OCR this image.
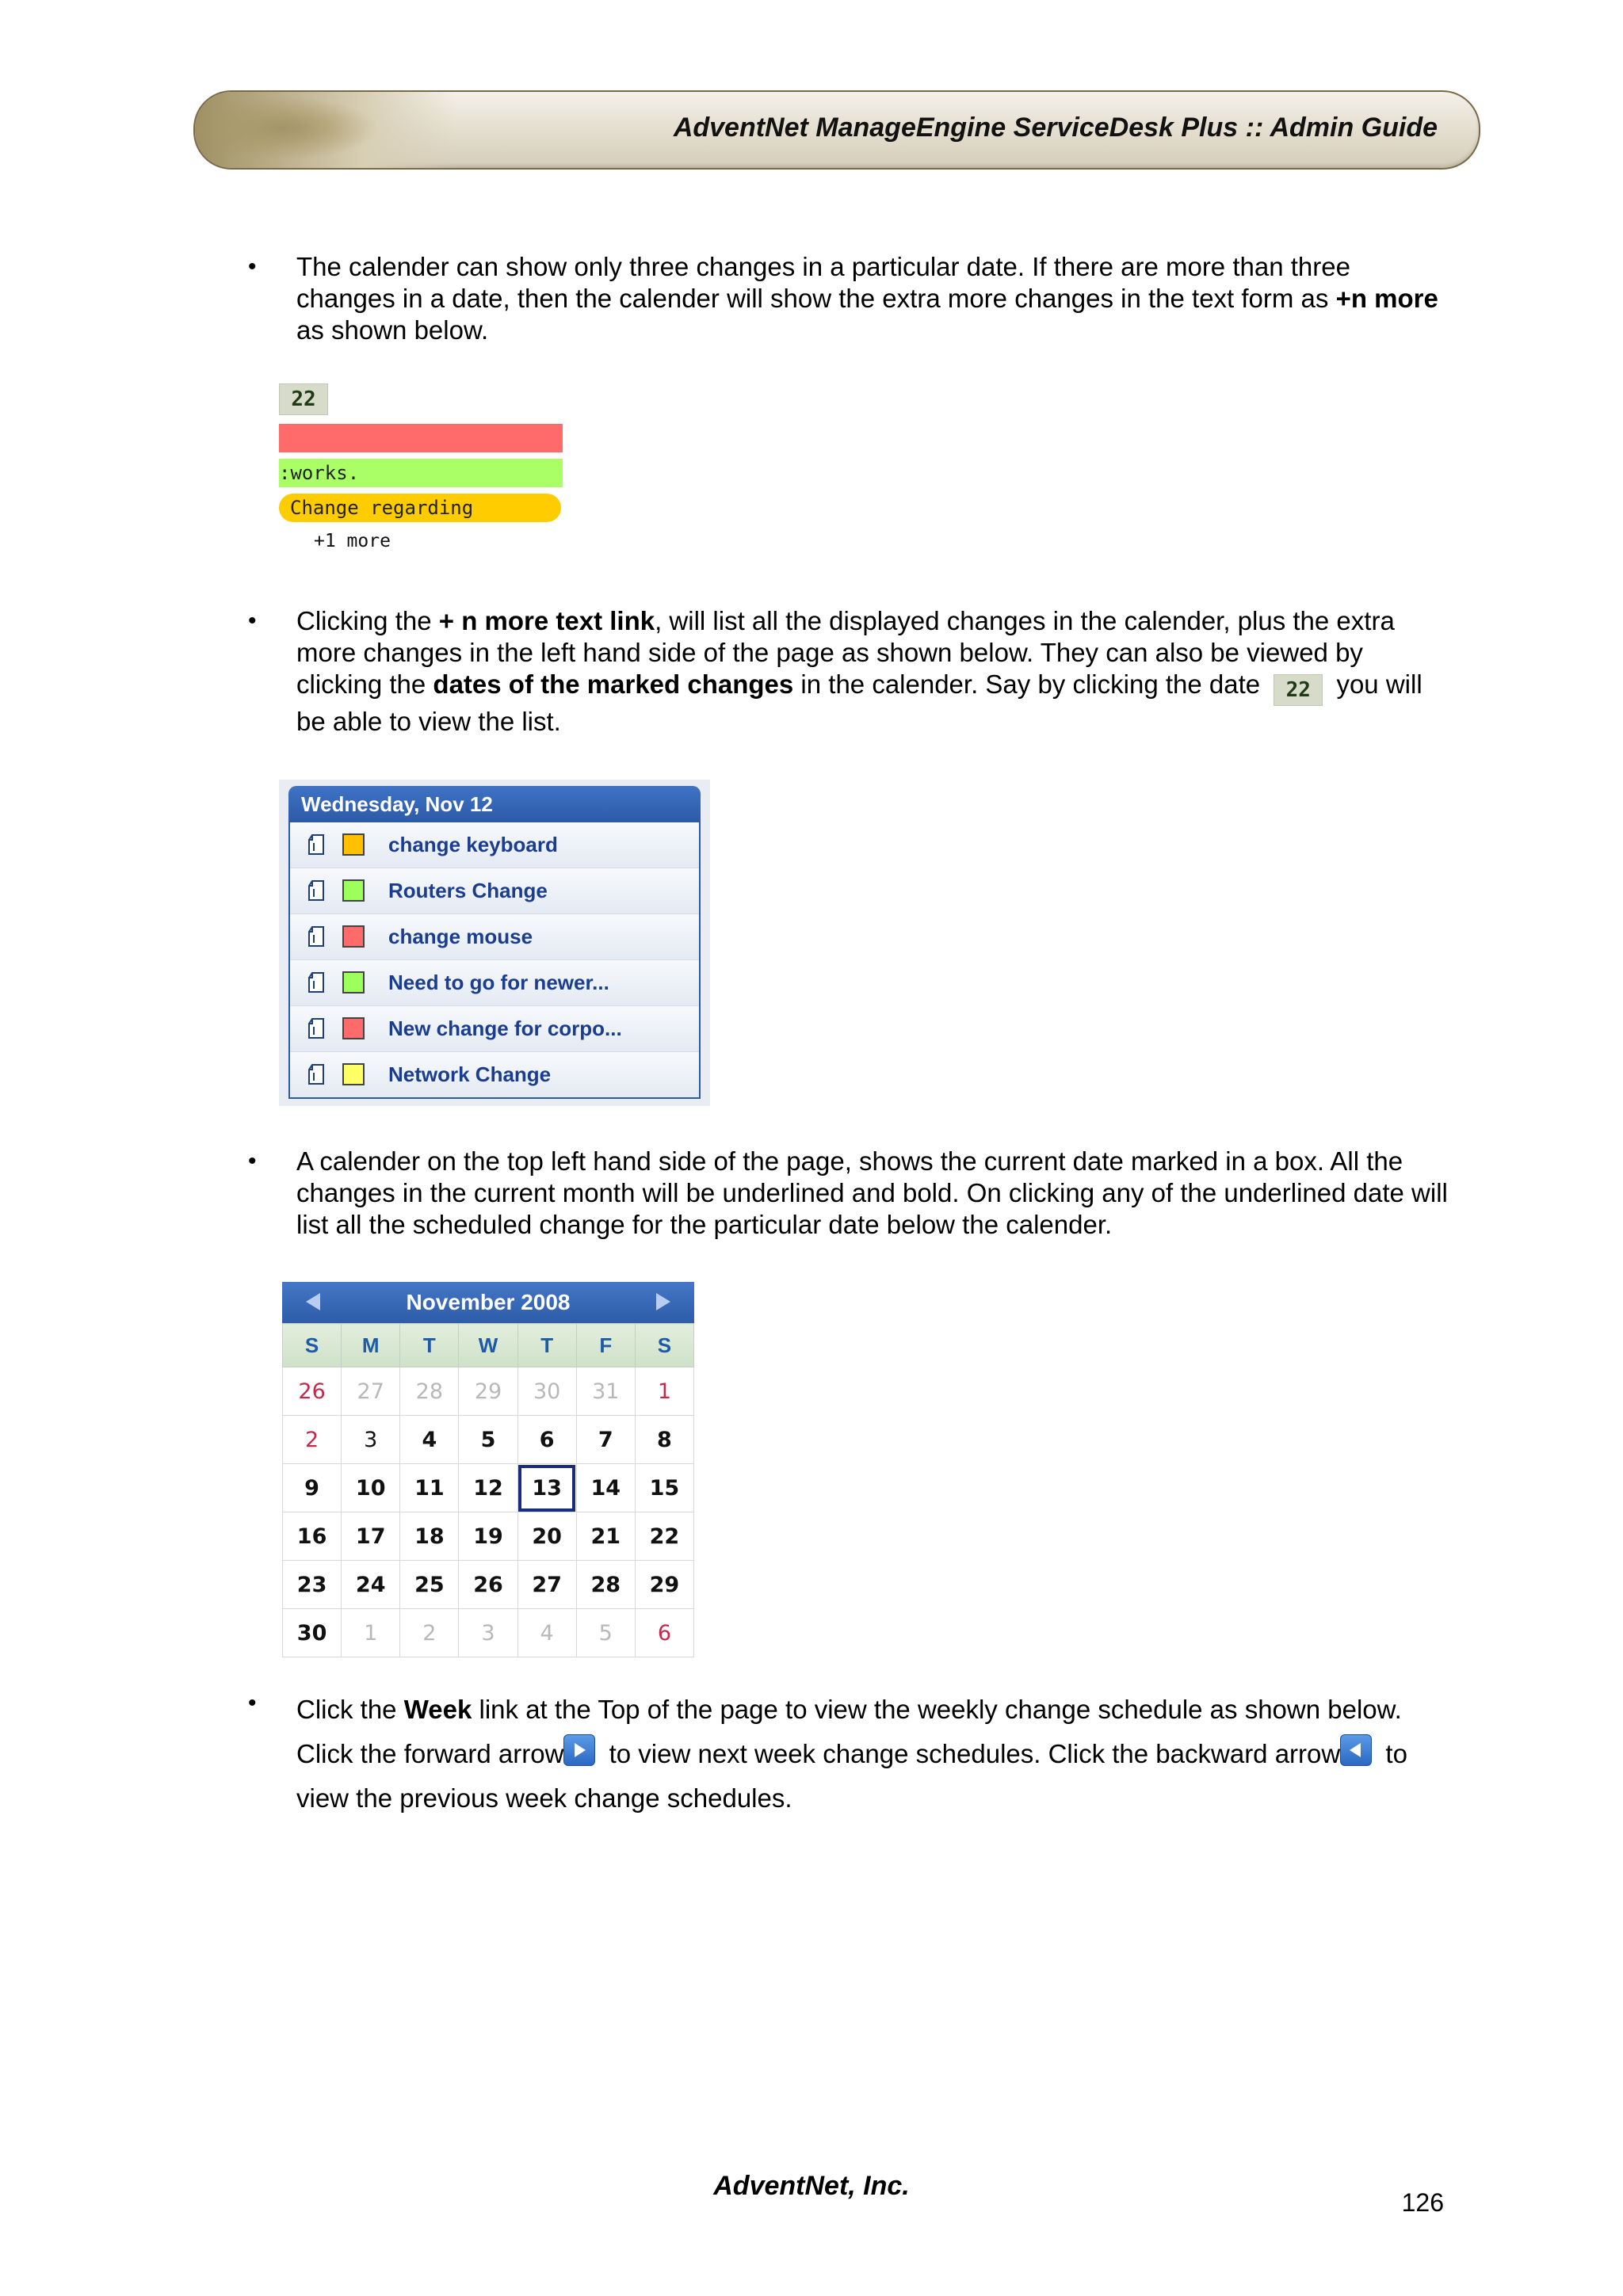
AdventNet ManageEngine ServiceDesk Plus :: Admin Guide
• The calender can show only three changes in a particular date. If there are more than three changes in a date, then the calender will show the extra more changes in the text form as +n more as shown below.
22
:works.
Change regarding
+1 more
• Clicking the + n more text link, will list all the displayed changes in the calender, plus the extra more changes in the left hand side of the page as shown below. They can also be viewed by clicking the dates of the marked changes in the calender. Say by clicking the date 22 you will be able to view the list.
Wednesday, Nov 12
change keyboard
Routers Change
change mouse
Need to go for newer...
New change for corpo...
Network Change
• A calender on the top left hand side of the page, shows the current date marked in a box. All the changes in the current month will be underlined and bold. On clicking any of the underlined date will list all the scheduled change for the particular date below the calender.
November 2008
S	M	T	W	T	F	S
26	27	28	29	30	31	1
2	3	4	5	6	7	8
9	10	11	12	13	14	15
16	17	18	19	20	21	22
23	24	25	26	27	28	29
30	1	2	3	4	5	6
• Click the Week link at the Top of the page to view the weekly change schedule as shown below. Click the forward arrow
to view next week change schedules. Click the backward arrow
to view the previous week change schedules.
AdventNet, Inc.
126
